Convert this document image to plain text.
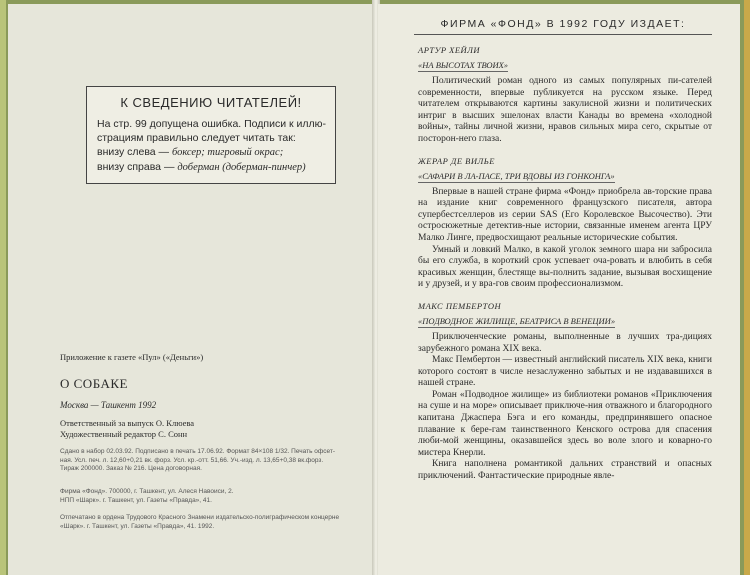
К СВЕДЕНИЮ ЧИТАТЕЛЕЙ!
На стр. 99 допущена ошибка. Подписи к иллю-
страциям правильно следует читать так:
внизу слева — боксер; тигровый окрас;
внизу справа — доберман (доберман-пинчер)
Приложение к газете «Пул» («Деньги»)
О СОБАКЕ
Москва — Ташкент 1992
Ответственный за выпуск О. Клюева
Художественный редактор С. Сонн
Сдано в набор 02.03.92. Подписано в печать 17.06.92. Формат 84×108 1/32. Печать офсет-
ная. Усл. печ. л. 12,60+0,21 вк. форз. Усл. кр.-отт. 51,66. Уч.-изд. л. 13,65+0,38 вк.форз.
Тираж 200000. Заказ № 216. Цена договорная.
Фирма «Фонд». 700000, г. Ташкент, ул. Алеся Навоиси, 2.
НПП «Шарк». г. Ташкент, ул. Газеты «Правда», 41.
Отпечатано в ордена Трудового Красного Знамени издательско-полиграфическом концерне
«Шарк». г. Ташкент, ул. Газеты «Правда», 41. 1992.
ФИРМА «ФОНД» В 1992 ГОДУ ИЗДАЕТ:
АРТУР ХЕЙЛИ
«НА ВЫСОТАХ ТВОИХ»

Политический роман одного из самых популярных пи-сателей современности, впервые публикуется на русском языке. Перед читателем открываются картины закулисной жизни и политических интриг в высших эшелонах власти Канады во времена «холодной войны», тайны личной жизни, нравов сильных мира сего, скрытые от посторон-него глаза.

ЖЕРАР ДЕ ВИЛЬЕ
«САФАРИ В ЛА-ПАСЕ, ТРИ ВДОВЫ ИЗ ГОНКОНГА»

Впервые в нашей стране фирма «Фонд» приобрела ав-торские права на издание книг современного французского писателя, автора супербестселлеров из серии SAS (Его Королевское Высочество). Эти остросюжетные детектив-ные истории, связанные именем агента ЦРУ Малко Линге, предвосхищают реальные исторические события.

Умный и ловкий Малко, в какой уголок земного шара ни забросила бы его служба, в короткий срок успевает оча-ровать и влюбить в себя красивых женщин, блестяще вы-полнить задание, вызывая восхищение и у друзей, и у вра-гов своим профессионализмом.

МАКС ПЕМБЕРТОН
«ПОДВОДНОЕ ЖИЛИЩЕ, БЕАТРИСА В ВЕНЕЦИИ»

Приключенческие романы, выполненные в лучших тра-дициях зарубежного романа XIX века.

Макс Пембертон — известный английский писатель XIX века, книги которого состоят в числе незаслуженно забытых и не издававшихся в нашей стране.

Роман «Подводное жилище» из библиотеки романов «Приключения на суше и на море» описывает приключе-ния отважного и благородного капитана Джаспера Бэга и его команды, предпринявшего опасное плавание к бере-гам таинственного Кенского острова для спасения люби-мой женщины, оказавшейся здесь во воле злого и коварно-го мистера Кнерли.

Книга наполнена романтикой дальних странствий и опасных приключений. Фантастические природные явле-
